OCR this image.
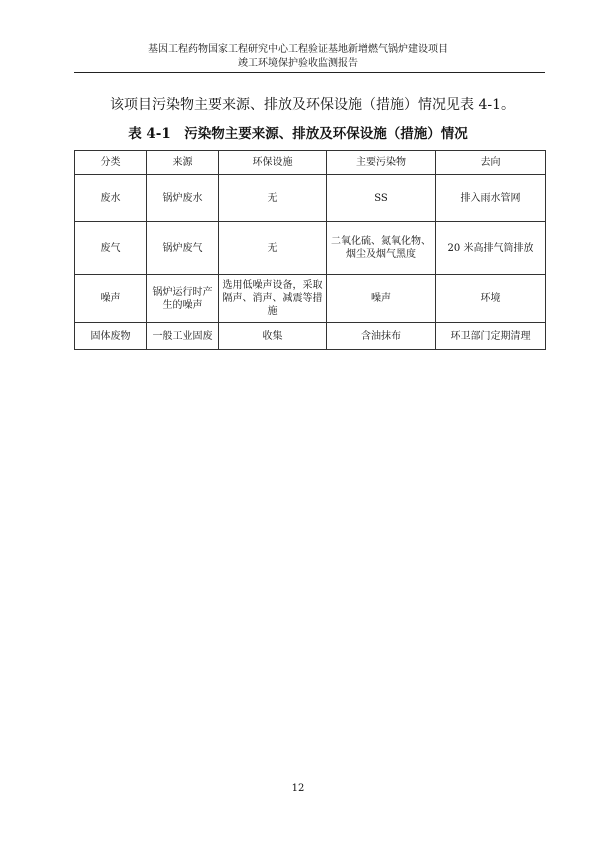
基因工程药物国家工程研究中心工程验证基地新增燃气锅炉建设项目
竣工环境保护验收监测报告
该项目污染物主要来源、排放及环保设施（措施）情况见表 4-1。
表 4-1　污染物主要来源、排放及环保设施（措施）情况
分类	来源	环保设施	主要污染物	去向
废水	锅炉废水	无	SS	排入雨水管网
废气	锅炉废气	无	二氧化硫、氮氧化物、烟尘及烟气黑度	20 米高排气筒排放
噪声	锅炉运行时产生的噪声	选用低噪声设备，采取隔声、消声、减震等措施	噪声	环境
固体废物	一般工业固废	收集	含油抹布	环卫部门定期清理
12
